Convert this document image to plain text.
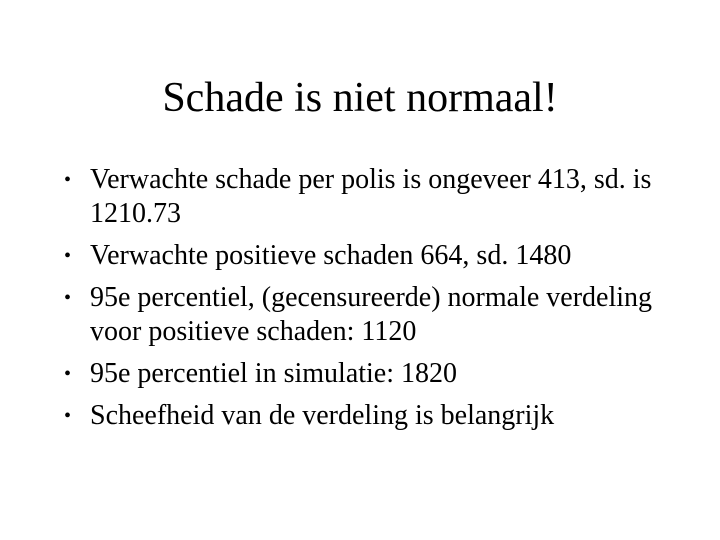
Schade is niet normaal!
• Verwachte schade per polis is ongeveer 413, sd. is 1210.73
• Verwachte positieve schaden 664, sd. 1480
• 95e percentiel, (gecensureerde) normale verdeling voor positieve schaden: 1120
• 95e percentiel in simulatie: 1820
• Scheefheid van de verdeling is belangrijk
